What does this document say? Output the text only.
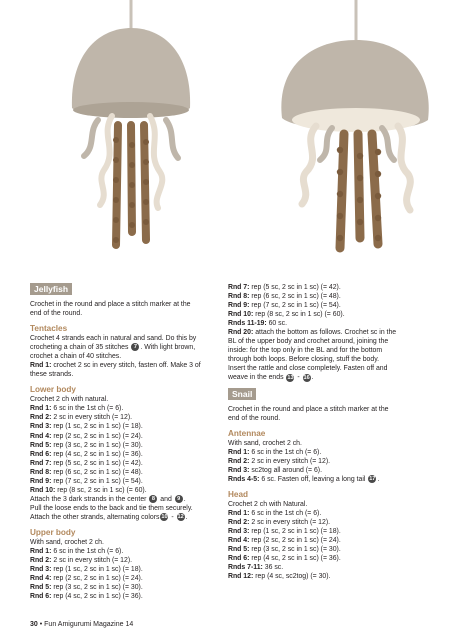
Jellyfish
Crochet in the round and place a stitch marker at the
end of the round.
Tentacles
Crochet 4 strands each in natural and sand. Do this by
crocheting a chain of 35 stitches 7 . With light brown,
crochet a chain of 40 stitches.
Rnd 1: crochet 2 sc in every stitch, fasten off. Make 3 of
these strands.
Lower body
Crochet 2 ch with natural.
Rnd 1: 6 sc in the 1st ch (= 6).
Rnd 2: 2 sc in every stitch (= 12).
Rnd 3: rep (1 sc, 2 sc in 1 sc) (= 18).
Rnd 4: rep (2 sc, 2 sc in 1 sc) (= 24).
Rnd 5: rep (3 sc, 2 sc in 1 sc) (= 30).
Rnd 6: rep (4 sc, 2 sc in 1 sc) (= 36).
Rnd 7: rep (5 sc, 2 sc in 1 sc) (= 42).
Rnd 8: rep (6 sc, 2 sc in 1 sc) (= 48).
Rnd 9: rep (7 sc, 2 sc in 1 sc) (= 54).
Rnd 10: rep (8 sc, 2 sc in 1 sc) (= 60).
Attach the 3 dark strands in the center 8 and 9 .
Pull the loose ends to the back and tie them securely.
Attach the other strands, alternating colors 10 - 12 .
Upper body
With sand, crochet 2 ch.
Rnd 1: 6 sc in the 1st ch (= 6).
Rnd 2: 2 sc in every stitch (= 12).
Rnd 3: rep (1 sc, 2 sc in 1 sc) (= 18).
Rnd 4: rep (2 sc, 2 sc in 1 sc) (= 24).
Rnd 5: rep (3 sc, 2 sc in 1 sc) (= 30).
Rnd 6: rep (4 sc, 2 sc in 1 sc) (= 36).
Rnd 7: rep (5 sc, 2 sc in 1 sc) (= 42).
Rnd 8: rep (6 sc, 2 sc in 1 sc) (= 48).
Rnd 9: rep (7 sc, 2 sc in 1 sc) (= 54).
Rnd 10: rep (8 sc, 2 sc in 1 sc) (= 60).
Rnds 11-19: 60 sc.
Rnd 20: attach the bottom as follows. Crochet sc in the
BL of the upper body and crochet around, joining the
inside: for the top only in the BL and for the bottom
through both loops. Before closing, stuff the body.
Insert the rattle and close completely. Fasten off and
weave in the ends 13 - 16 .
Snail
Crochet in the round and place a stitch marker at the
end of the round.
Antennae
With sand, crochet 2 ch.
Rnd 1: 6 sc in the 1st ch (= 6).
Rnd 2: 2 sc in every stitch (= 12).
Rnd 3: sc2tog all around (= 6).
Rnds 4-5: 6 sc. Fasten off, leaving a long tail 17 .
Head
Crochet 2 ch with Natural.
Rnd 1: 6 sc in the 1st ch (= 6).
Rnd 2: 2 sc in every stitch (= 12).
Rnd 3: rep (1 sc, 2 sc in 1 sc) (= 18).
Rnd 4: rep (2 sc, 2 sc in 1 sc) (= 24).
Rnd 5: rep (3 sc, 2 sc in 1 sc) (= 30).
Rnd 6: rep (4 sc, 2 sc in 1 sc) (= 36).
Rnds 7-11: 36 sc.
Rnd 12: rep (4 sc, sc2tog) (= 30).
30 • Fun Amigurumi Magazine 14
